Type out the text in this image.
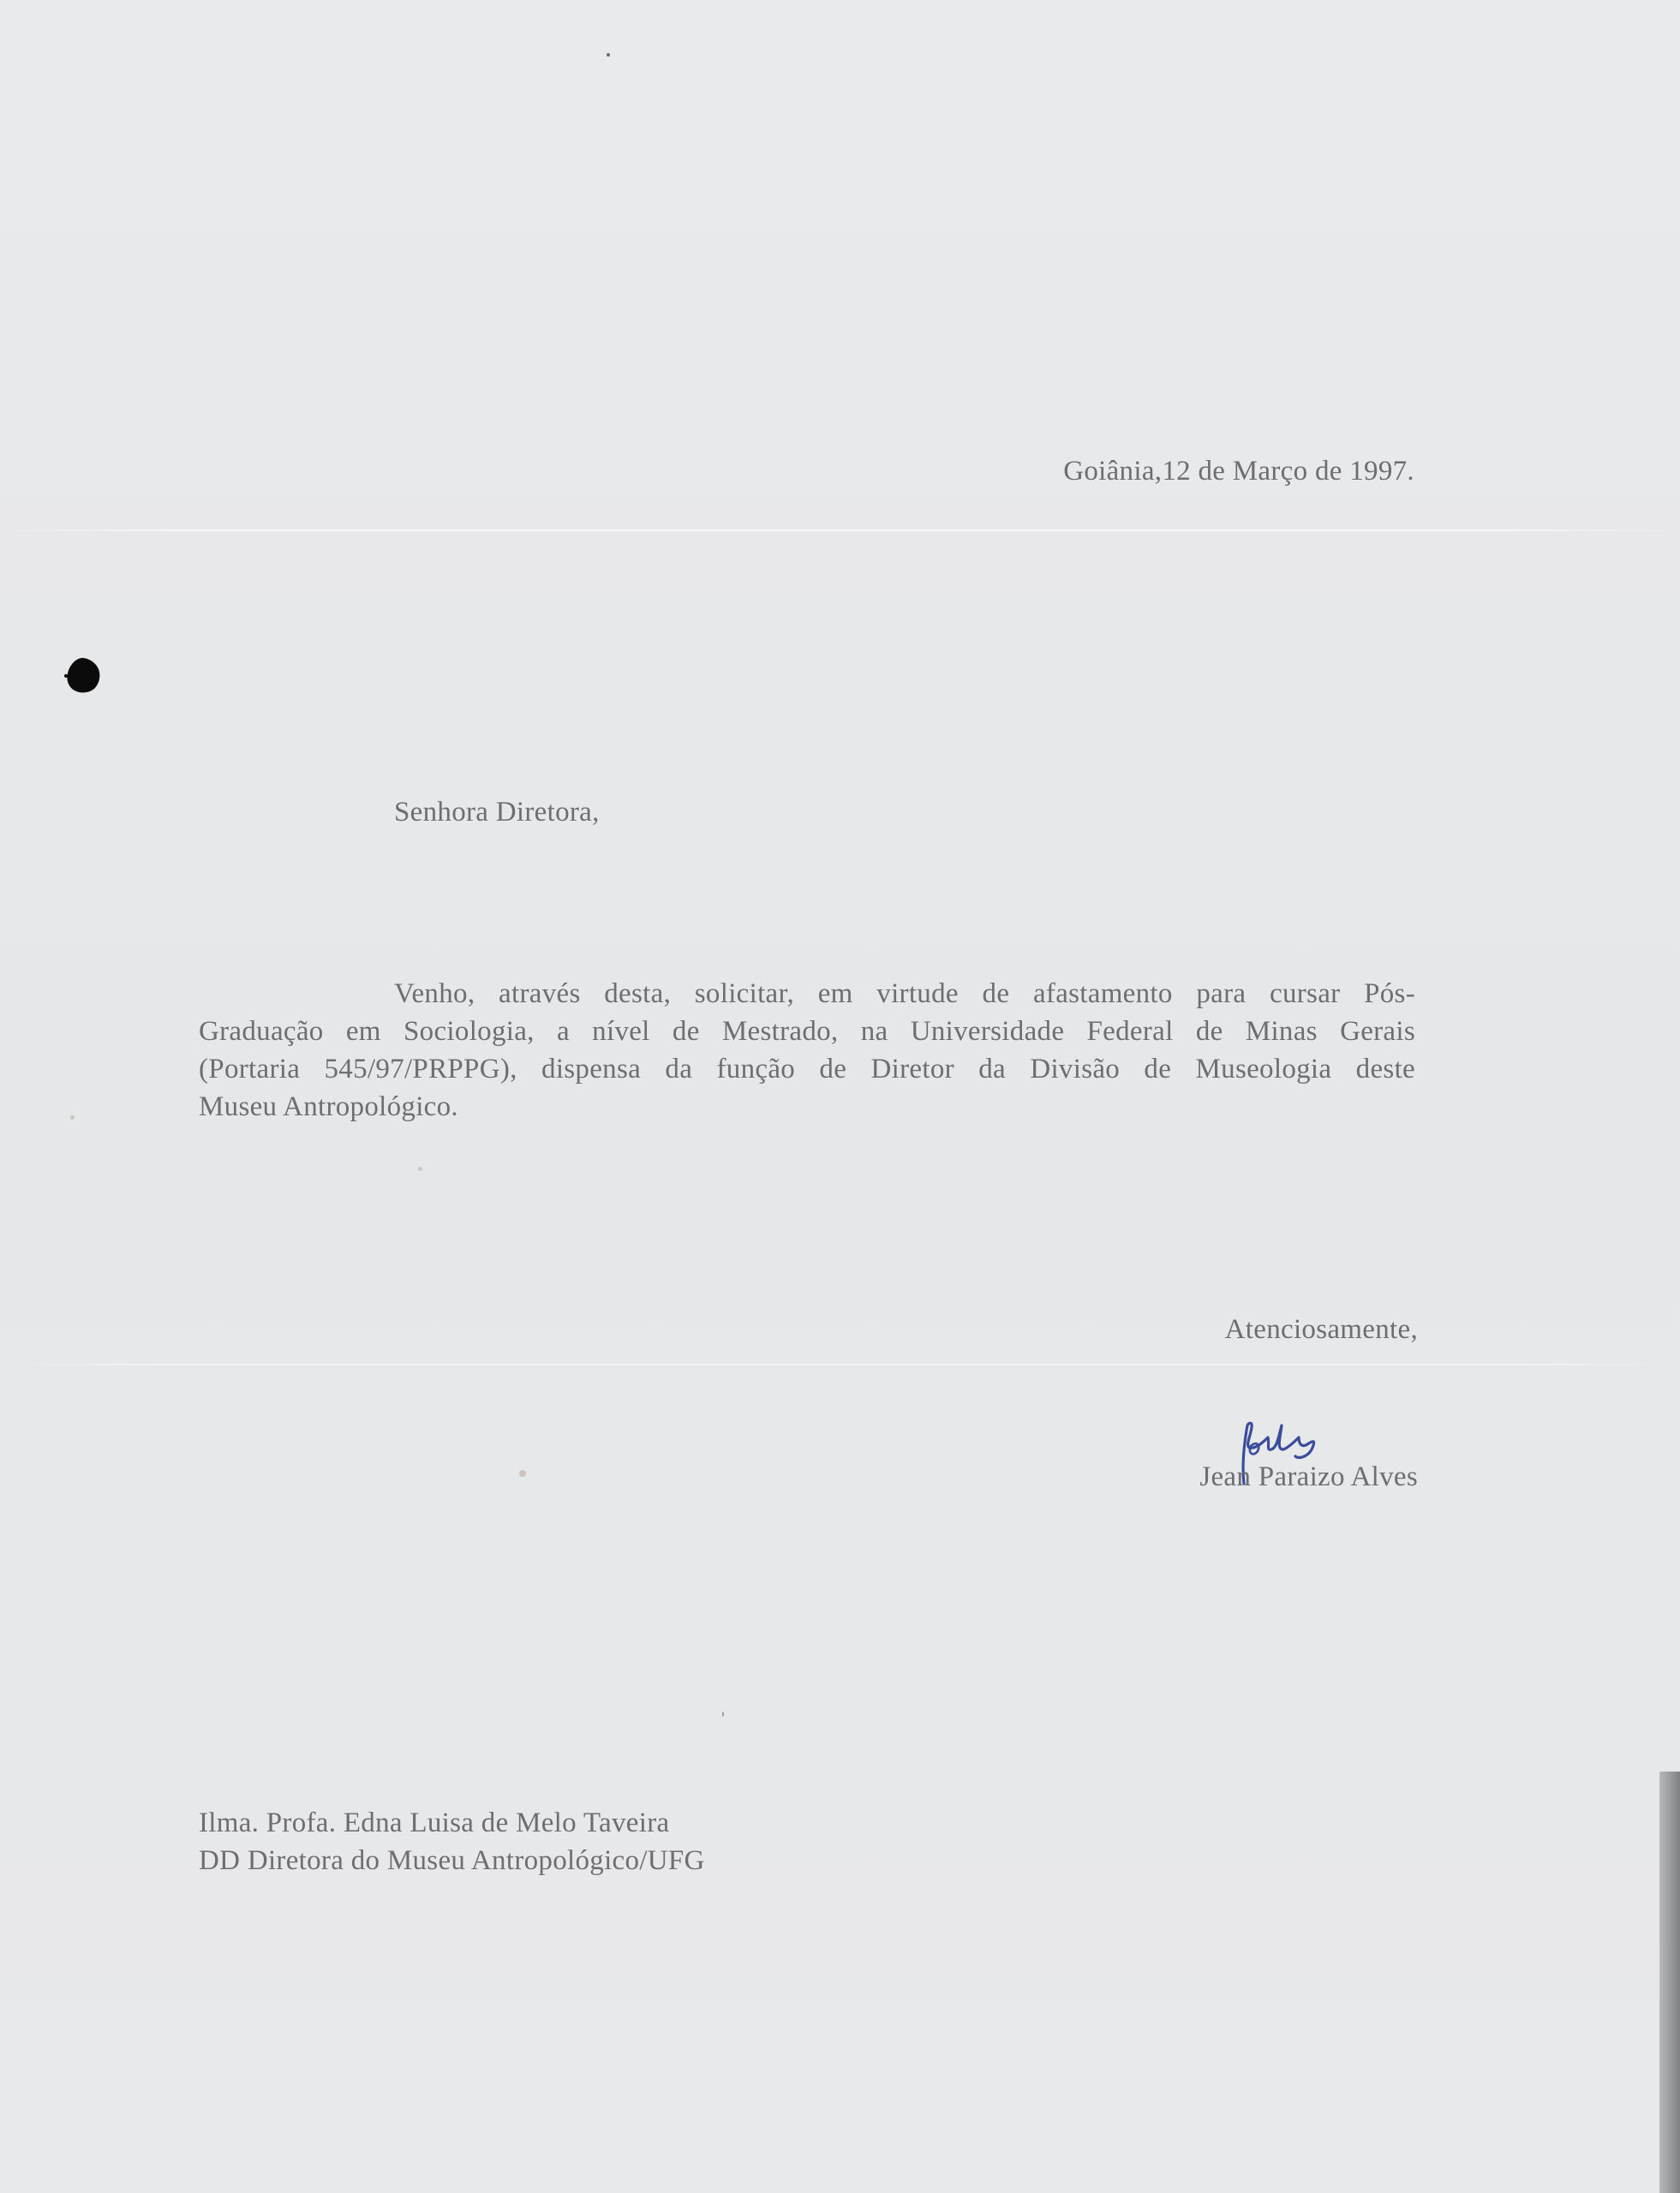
Goiânia,12 de Março de 1997.
Senhora Diretora,
Venho, através desta, solicitar, em virtude de afastamento para cursar Pós-
Graduação em Sociologia, a nível de Mestrado, na Universidade Federal de Minas Gerais
(Portaria 545/97/PRPPG), dispensa da função de Diretor da Divisão de Museologia deste
Museu Antropológico.
Atenciosamente,
Jean Paraizo Alves
Ilma. Profa. Edna Luisa de Melo Taveira
DD Diretora do Museu Antropológico/UFG
